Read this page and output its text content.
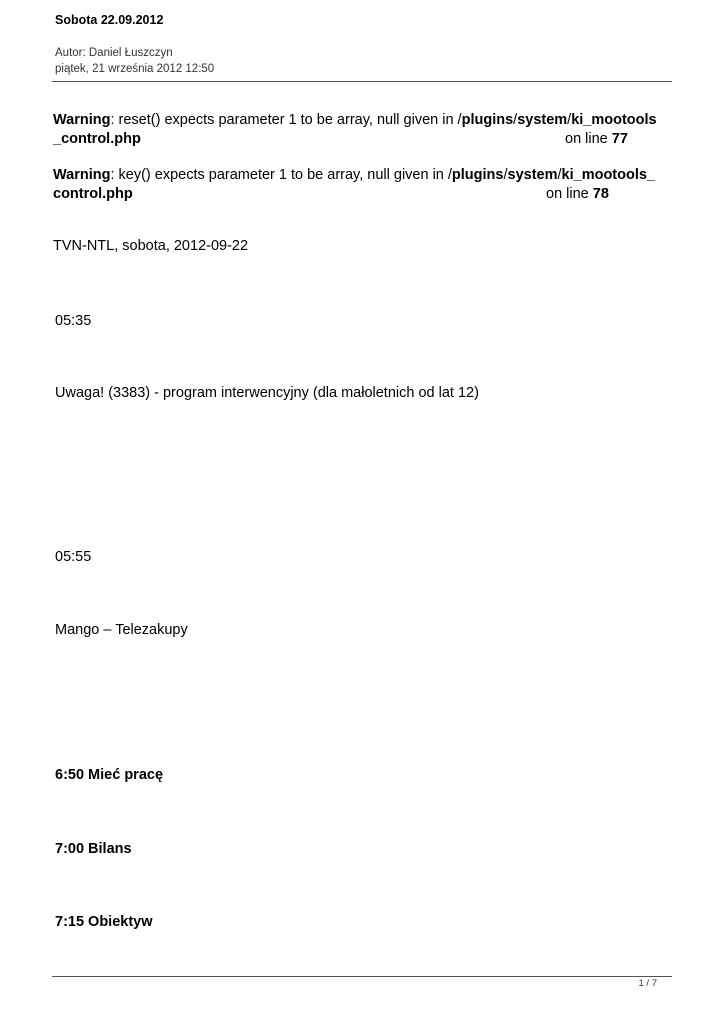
Sobota 22.09.2012
Autor: Daniel Łuszczyn
piątek, 21 września 2012 12:50
Warning: reset() expects parameter 1 to be array, null given in /plugins/system/ki_mootools
_control.php	on line 77
Warning: key() expects parameter 1 to be array, null given in /plugins/system/ki_mootools_
control.php	on line 78
TVN-NTL, sobota, 2012-09-22
05:35
Uwaga! (3383) - program interwencyjny (dla małoletnich od lat 12)
05:55
Mango – Telezakupy
6:50 Mieć pracę
7:00 Bilans
7:15 Obiektyw
1 / 7
